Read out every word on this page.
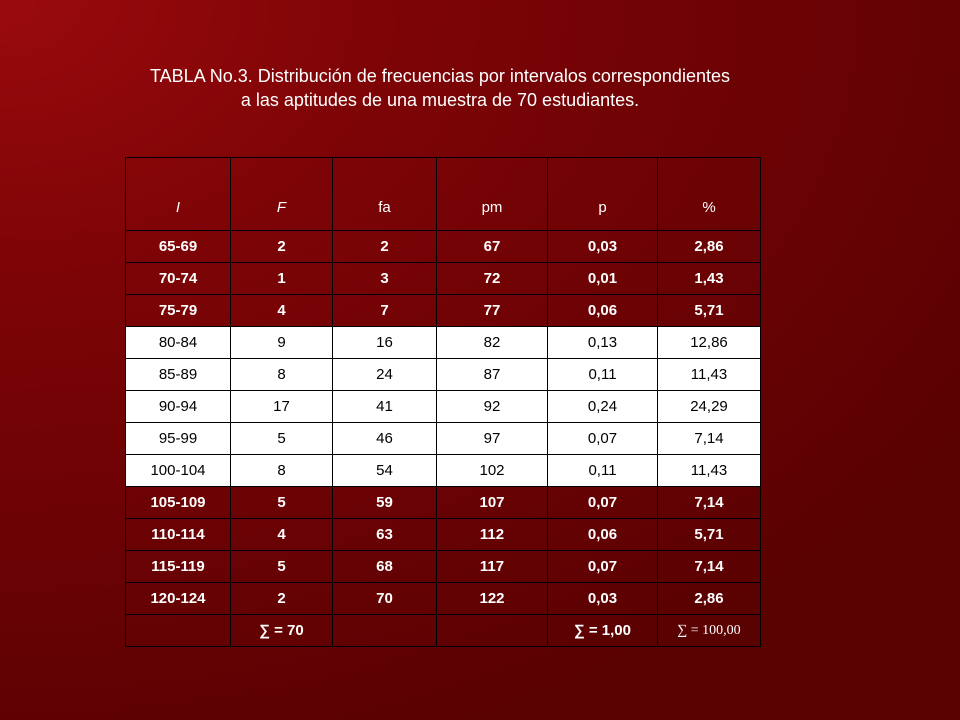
TABLA No.3. Distribución de frecuencias por intervalos correspondientes
a las aptitudes de una muestra de 70 estudiantes.
I	F	fa	pm	p	%
65-69	2	2	67	0,03	2,86
70-74	1	3	72	0,01	1,43
75-79	4	7	77	0,06	5,71
80-84	9	16	82	0,13	12,86
85-89	8	24	87	0,11	11,43
90-94	17	41	92	0,24	24,29
95-99	5	46	97	0,07	7,14
100-104	8	54	102	0,11	11,43
105-109	5	59	107	0,07	7,14
110-114	4	63	112	0,06	5,71
115-119	5	68	117	0,07	7,14
120-124	2	70	122	0,03	2,86
	∑ = 70			∑ = 1,00	∑ = 100,00
